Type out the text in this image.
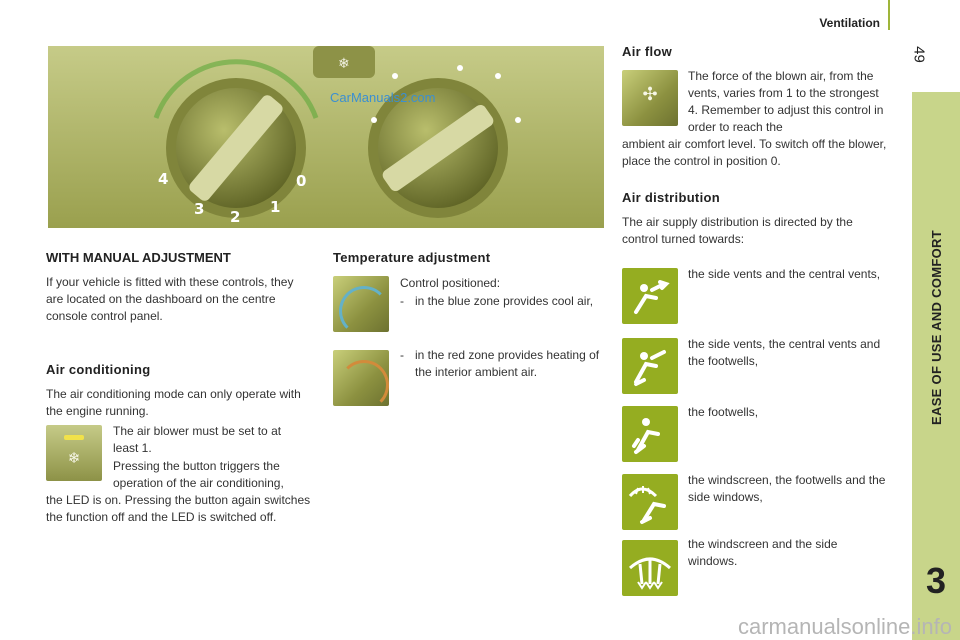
Ventilation
49
EASE OF USE AND COMFORT
3
❄
4
3 2
1
0
CarManuals2.com
WITH MANUAL ADJUSTMENT

If your vehicle is fitted with these controls, they are located on the dashboard on the centre console control panel.

Air conditioning

The air conditioning mode can only operate with the engine running.

❄

The air blower must be set to at least 1.

Pressing the button triggers the

operation of the air conditioning,

the LED is on. Pressing the button again switches the function off and the LED is switched off.

Temperature adjustment

Control positioned:

- in the blue zone provides cool air,

- in the red zone provides heating of the interior ambient air.

Air flow
✣

The force of the blown air, from the vents, varies from 1 to the strongest 4. Remember to adjust this control in order to reach the

ambient air comfort level. To switch off the blower, place the control in position 0.

Air distribution

The air supply distribution is directed by the control turned towards:

the side vents and the central vents,

the side vents, the central vents and the footwells,

the footwells,

the windscreen, the footwells and the side windows,

the windscreen and the side windows.

carmanualsonline.info
